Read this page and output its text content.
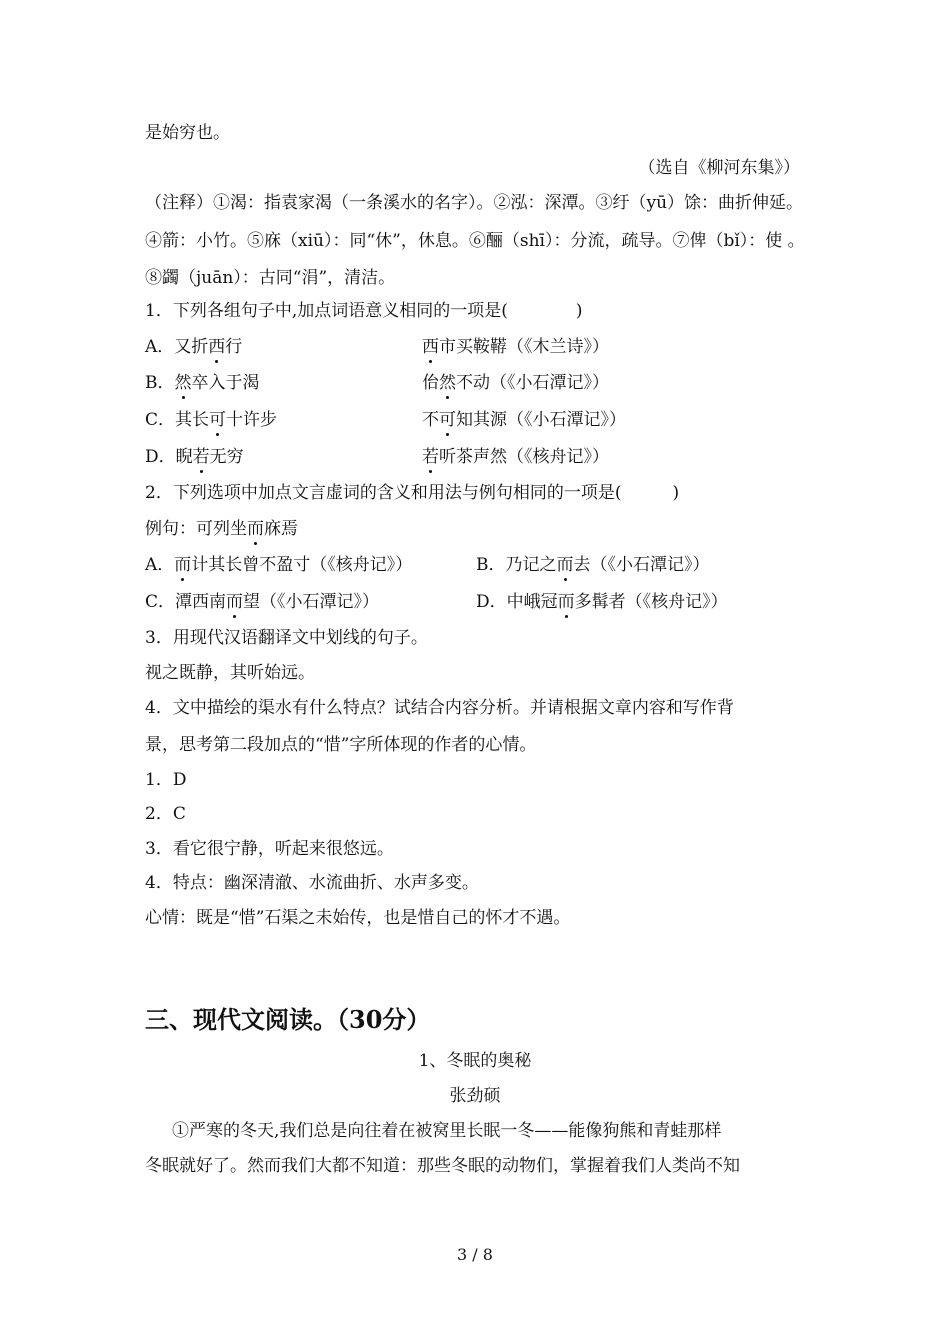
是始穷也。
（选自《柳河东集》）
（注释）①渴：指袁家渴（一条溪水的名字）。②泓：深潭。③纡（yū）馀：曲折伸延。
④箭：小竹。⑤庥（xiū）：同“休”，休息。⑥酾（shī）：分流，疏导。⑦俾（bǐ）：使 。
⑧蠲（juān）：古同“涓”，清洁。
1．下列各组句子中,加点词语意义相同的一项是(　　　　)
A．又折西行	西市买鞍鞯（《木兰诗》）
B．然卒入于渴	佁然不动（《小石潭记》）
C．其长可十许步	不可知其源（《小石潭记》）
D．睨若无穷	若听茶声然（《核舟记》）
2．下列选项中加点文言虚词的含义和用法与例句相同的一项是(　　　)
例句：可列坐而庥焉
A．而计其长曾不盈寸（《核舟记》）	B．乃记之而去（《小石潭记》）
C．潭西南而望（《小石潭记》）	D．中峨冠而多髯者（《核舟记》）
3．用现代汉语翻译文中划线的句子。
视之既静，其听始远。
4．文中描绘的渠水有什么特点？试结合内容分析。并请根据文章内容和写作背
景，思考第二段加点的“惜”字所体现的作者的心情。
1．D
2．C
3．看它很宁静，听起来很悠远。
4．特点：幽深清澈、水流曲折、水声多变。
心情：既是“惜”石渠之未始传，也是惜自己的怀才不遇。
三、现代文阅读。（30分）
1、冬眠的奥秘
张劲硕
①严寒的冬天,我们总是向往着在被窝里长眠一冬——能像狗熊和青蛙那样
冬眠就好了。然而我们大都不知道：那些冬眠的动物们，掌握着我们人类尚不知
3 / 8
